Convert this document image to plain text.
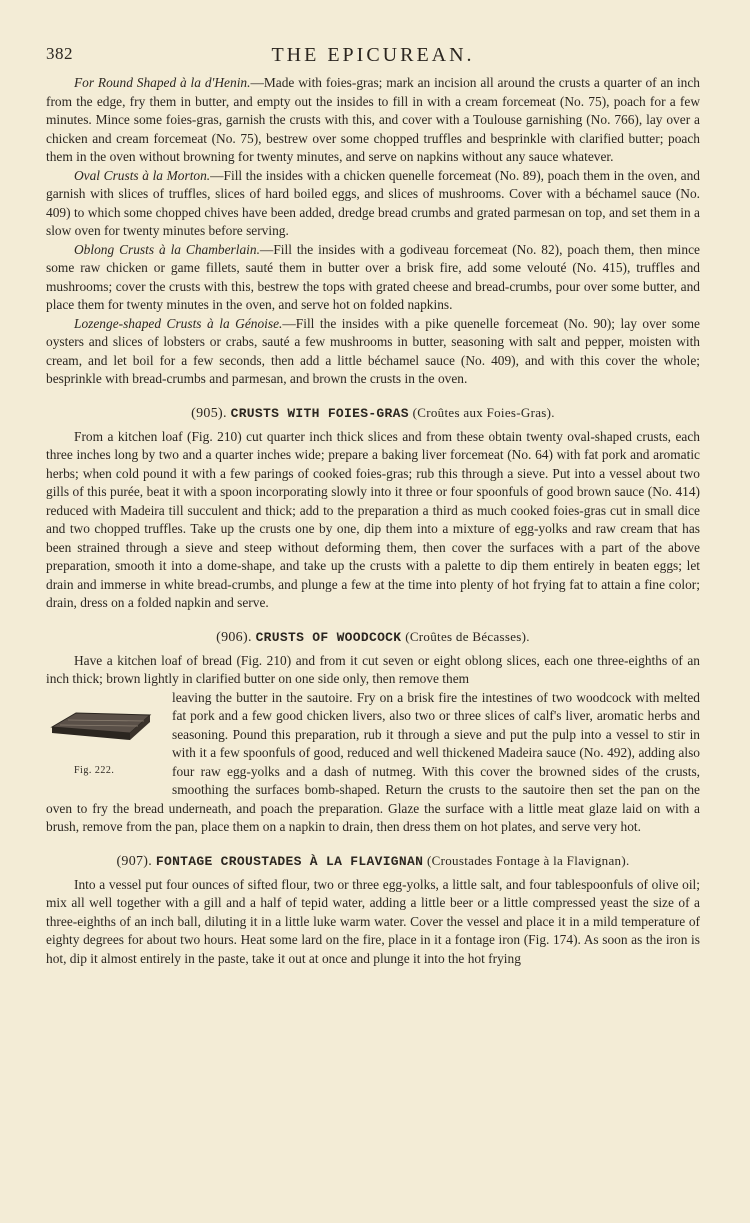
382	THE EPICUREAN.

For Round Shaped à la d'Henin.—Made with foies-gras; mark an incision all around the crusts a quarter of an inch from the edge, fry them in butter, and empty out the insides to fill in with a cream forcemeat (No. 75), poach for a few minutes. Mince some foies-gras, garnish the crusts with this, and cover with a Toulouse garnishing (No. 766), lay over a chicken and cream forcemeat (No. 75), bestrew over some chopped truffles and besprinkle with clarified butter; poach them in the oven without browning for twenty minutes, and serve on napkins without any sauce whatever.

Oval Crusts à la Morton.—Fill the insides with a chicken quenelle forcemeat (No. 89), poach them in the oven, and garnish with slices of truffles, slices of hard boiled eggs, and slices of mushrooms. Cover with a béchamel sauce (No. 409) to which some chopped chives have been added, dredge bread crumbs and grated parmesan on top, and set them in a slow oven for twenty minutes before serving.

Oblong Crusts à la Chamberlain.—Fill the insides with a godiveau forcemeat (No. 82), poach them, then mince some raw chicken or game fillets, sauté them in butter over a brisk fire, add some velouté (No. 415), truffles and mushrooms; cover the crusts with this, bestrew the tops with grated cheese and bread-crumbs, pour over some butter, and place them for twenty minutes in the oven, and serve hot on folded napkins.

Lozenge-shaped Crusts à la Génoise.—Fill the insides with a pike quenelle forcemeat (No. 90); lay over some oysters and slices of lobsters or crabs, sauté a few mushrooms in butter, seasoning with salt and pepper, moisten with cream, and let boil for a few seconds, then add a little béchamel sauce (No. 409), and with this cover the whole; besprinkle with bread-crumbs and parmesan, and brown the crusts in the oven.

(905). CRUSTS WITH FOIES-GRAS (Croûtes aux Foies-Gras).

From a kitchen loaf (Fig. 210) cut quarter inch thick slices and from these obtain twenty oval-shaped crusts, each three inches long by two and a quarter inches wide; prepare a baking liver forcemeat (No. 64) with fat pork and aromatic herbs; when cold pound it with a few parings of cooked foies-gras; rub this through a sieve. Put into a vessel about two gills of this purée, beat it with a spoon incorporating slowly into it three or four spoonfuls of good brown sauce (No. 414) reduced with Madeira till succulent and thick; add to the preparation a third as much cooked foies-gras cut in small dice and two chopped truffles. Take up the crusts one by one, dip them into a mixture of egg-yolks and raw cream that has been strained through a sieve and steep without deforming them, then cover the surfaces with a part of the above preparation, smooth it into a dome-shape, and take up the crusts with a palette to dip them entirely in beaten eggs; let drain and immerse in white bread-crumbs, and plunge a few at the time into plenty of hot frying fat to attain a fine color; drain, dress on a folded napkin and serve.

(906). CRUSTS OF WOODCOCK (Croûtes de Bécasses).

Have a kitchen loaf of bread (Fig. 210) and from it cut seven or eight oblong slices, each one three-eighths of an inch thick; brown lightly in clarified butter on one side only, then remove them

Fig. 222.

leaving the butter in the sautoire. Fry on a brisk fire the intestines of two woodcock with melted fat pork and a few good chicken livers, also two or three slices of calf's liver, aromatic herbs and seasoning. Pound this preparation, rub it through a sieve and put the pulp into a vessel to stir in with it a few spoonfuls of good, reduced and well thickened Madeira sauce (No. 492), adding also four raw egg-yolks and a dash of nutmeg. With this cover the browned sides of the crusts, smoothing the surfaces bomb-shaped. Return the crusts to the sautoire then set the pan on the oven to fry the bread underneath, and poach the preparation. Glaze the surface with a little meat glaze laid on with a brush, remove from the pan, place them on a napkin to drain, then dress them on hot plates, and serve very hot.

(907). FONTAGE CROUSTADES À LA FLAVIGNAN (Croustades Fontage à la Flavignan).

Into a vessel put four ounces of sifted flour, two or three egg-yolks, a little salt, and four tablespoonfuls of olive oil; mix all well together with a gill and a half of tepid water, adding a little beer or a little compressed yeast the size of a three-eighths of an inch ball, diluting it in a little luke warm water. Cover the vessel and place it in a mild temperature of eighty degrees for about two hours. Heat some lard on the fire, place in it a fontage iron (Fig. 174). As soon as the iron is hot, dip it almost entirely in the paste, take it out at once and plunge it into the hot frying
